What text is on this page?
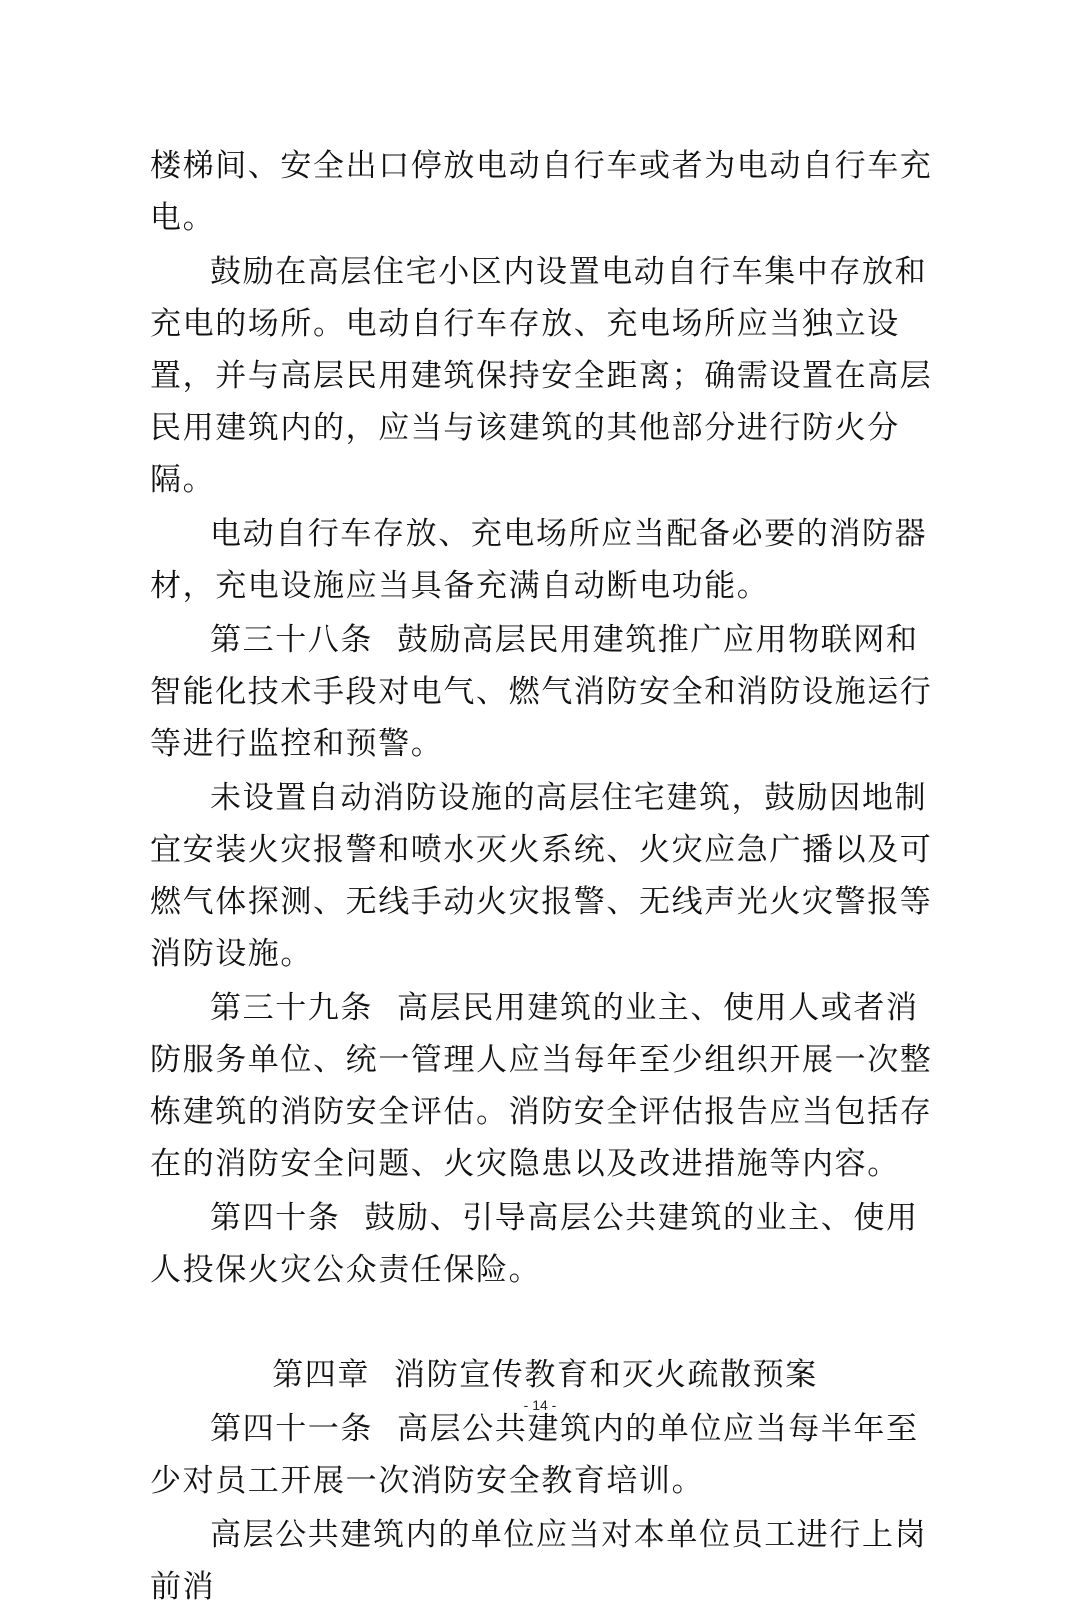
楼梯间、安全出口停放电动自行车或者为电动自行车充电。

鼓励在高层住宅小区内设置电动自行车集中存放和充电的场所。电动自行车存放、充电场所应当独立设置，并与高层民用建筑保持安全距离；确需设置在高层民用建筑内的，应当与该建筑的其他部分进行防火分隔。

电动自行车存放、充电场所应当配备必要的消防器材，充电设施应当具备充满自动断电功能。

第三十八条 鼓励高层民用建筑推广应用物联网和智能化技术手段对电气、燃气消防安全和消防设施运行等进行监控和预警。

未设置自动消防设施的高层住宅建筑，鼓励因地制宜安装火灾报警和喷水灭火系统、火灾应急广播以及可燃气体探测、无线手动火灾报警、无线声光火灾警报等消防设施。

第三十九条 高层民用建筑的业主、使用人或者消防服务单位、统一管理人应当每年至少组织开展一次整栋建筑的消防安全评估。消防安全评估报告应当包括存在的消防安全问题、火灾隐患以及改进措施等内容。

第四十条 鼓励、引导高层公共建筑的业主、使用人投保火灾公众责任保险。

第四章 消防宣传教育和灭火疏散预案

第四十一条 高层公共建筑内的单位应当每半年至少对员工开展一次消防安全教育培训。

高层公共建筑内的单位应当对本单位员工进行上岗前消

- 14 -
